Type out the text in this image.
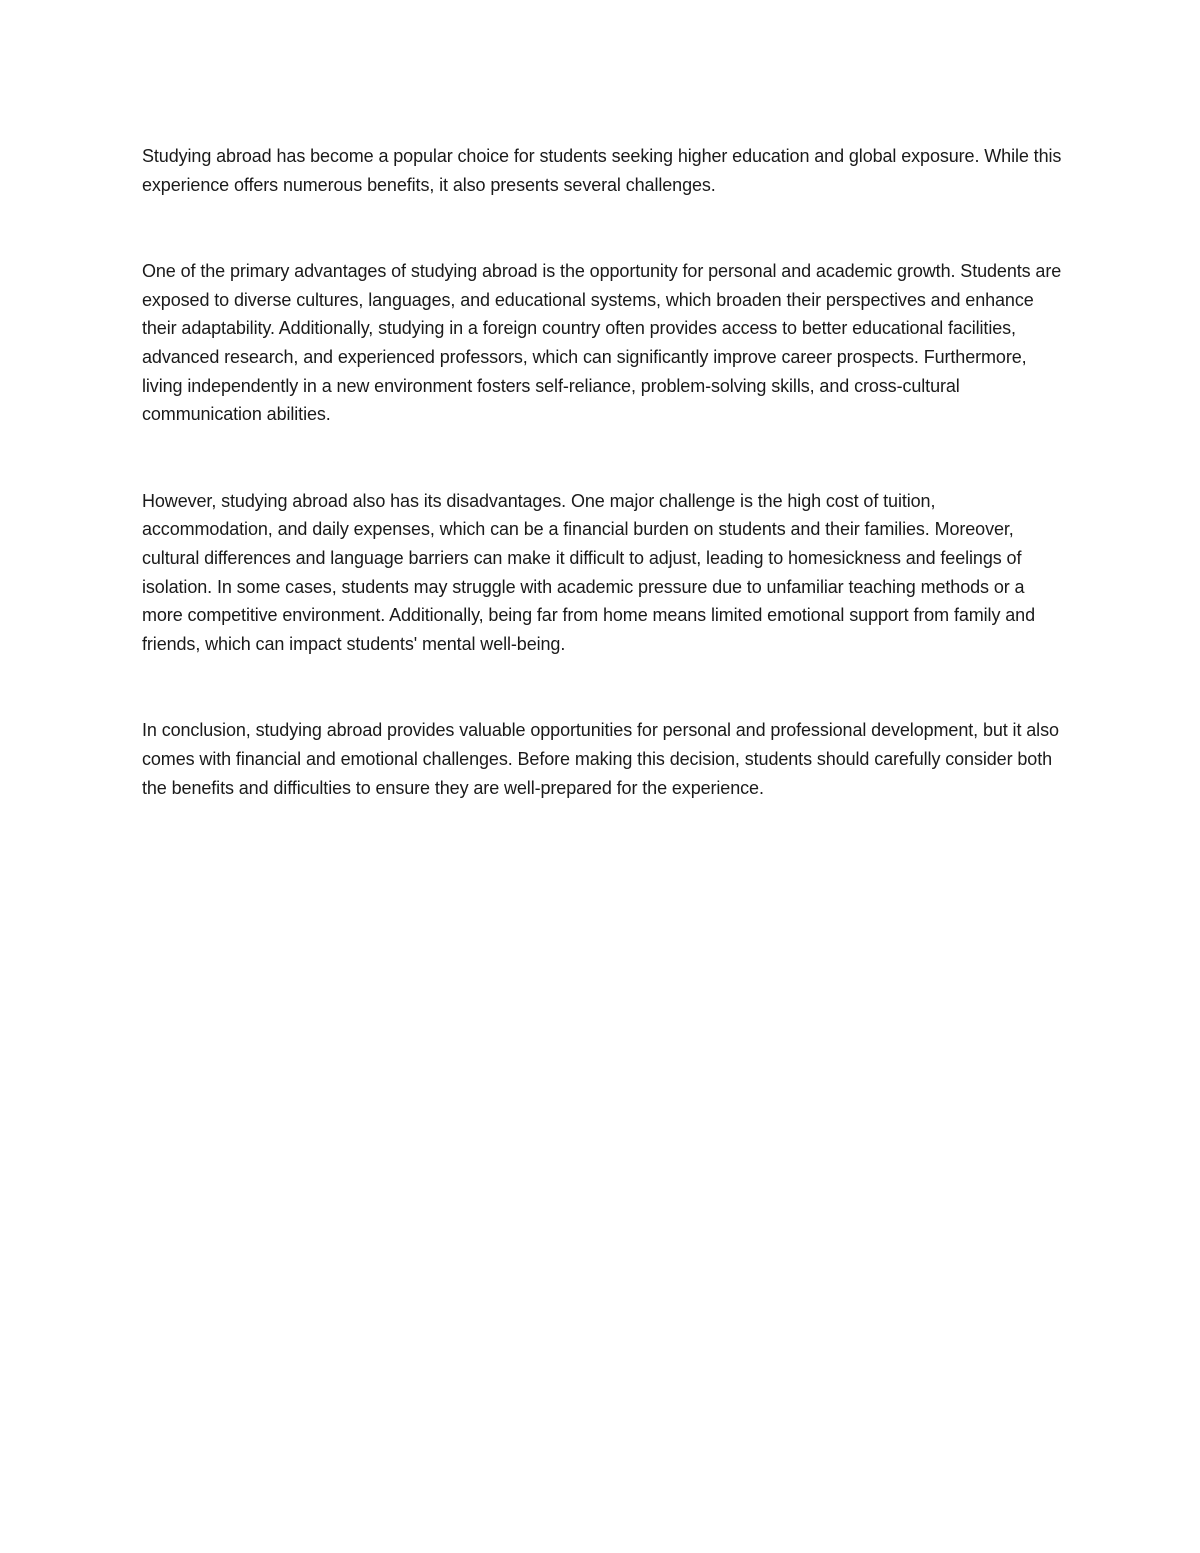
Studying abroad has become a popular choice for students seeking higher education and global exposure. While this experience offers numerous benefits, it also presents several challenges.

One of the primary advantages of studying abroad is the opportunity for personal and academic growth. Students are exposed to diverse cultures, languages, and educational systems, which broaden their perspectives and enhance their adaptability. Additionally, studying in a foreign country often provides access to better educational facilities, advanced research, and experienced professors, which can significantly improve career prospects. Furthermore, living independently in a new environment fosters self-reliance, problem-solving skills, and cross-cultural communication abilities.

However, studying abroad also has its disadvantages. One major challenge is the high cost of tuition, accommodation, and daily expenses, which can be a financial burden on students and their families. Moreover, cultural differences and language barriers can make it difficult to adjust, leading to homesickness and feelings of isolation. In some cases, students may struggle with academic pressure due to unfamiliar teaching methods or a more competitive environment. Additionally, being far from home means limited emotional support from family and friends, which can impact students' mental well-being.

In conclusion, studying abroad provides valuable opportunities for personal and professional development, but it also comes with financial and emotional challenges. Before making this decision, students should carefully consider both the benefits and difficulties to ensure they are well-prepared for the experience.
